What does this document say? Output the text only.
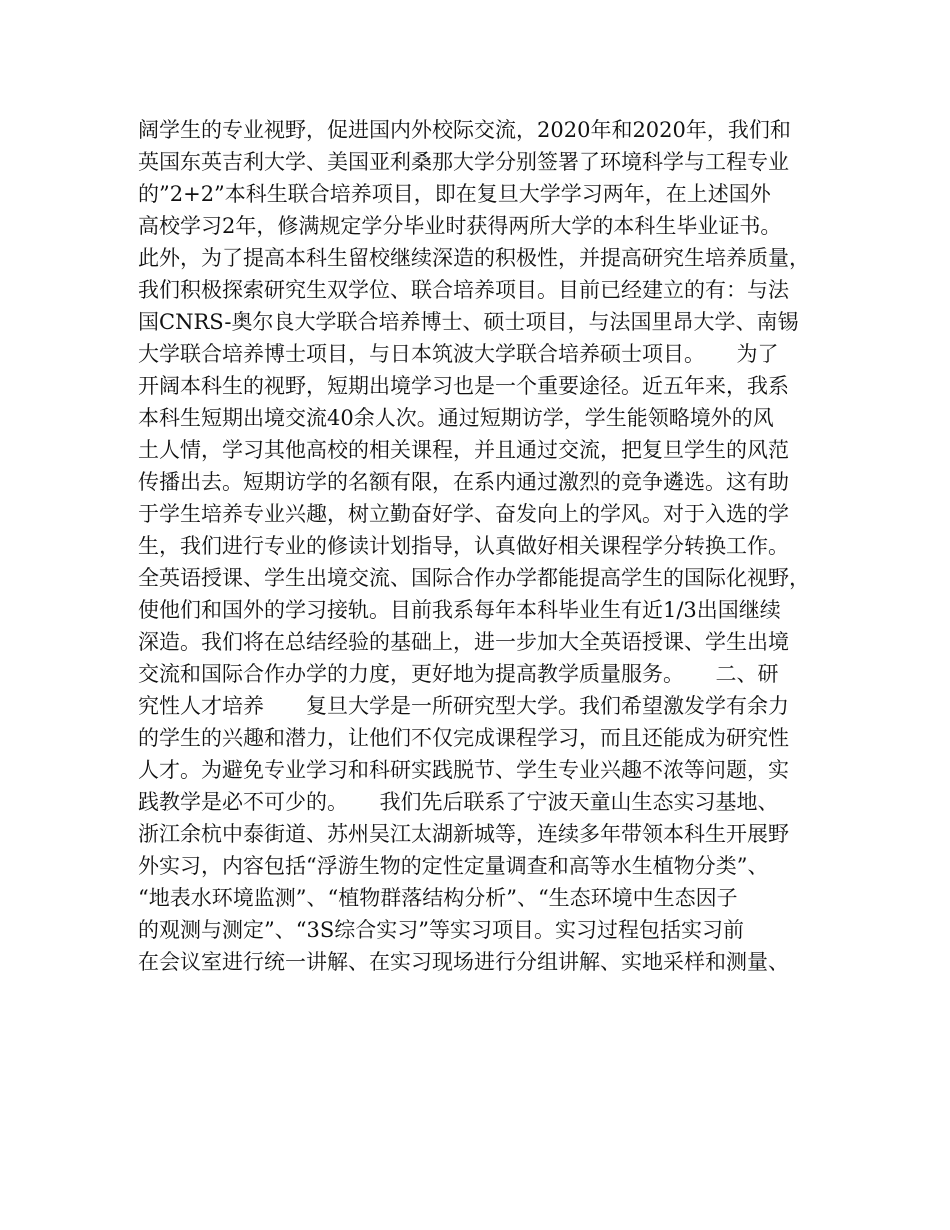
阔学生的专业视野，促进国内外校际交流，2020年和2020年，我们和
英国东英吉利大学、美国亚利桑那大学分别签署了环境科学与工程专业
的”2+2”本科生联合培养项目，即在复旦大学学习两年，在上述国外
高校学习2年，修满规定学分毕业时获得两所大学的本科生毕业证书。
此外，为了提高本科生留校继续深造的积极性，并提高研究生培养质量，
我们积极探索研究生双学位、联合培养项目。目前已经建立的有：与法
国CNRS-奥尔良大学联合培养博士、硕士项目，与法国里昂大学、南锡
大学联合培养博士项目，与日本筑波大学联合培养硕士项目。　　为了
开阔本科生的视野，短期出境学习也是一个重要途径。近五年来，我系
本科生短期出境交流40余人次。通过短期访学，学生能领略境外的风
土人情，学习其他高校的相关课程，并且通过交流，把复旦学生的风范
传播出去。短期访学的名额有限，在系内通过激烈的竞争遴选。这有助
于学生培养专业兴趣，树立勤奋好学、奋发向上的学风。对于入选的学
生，我们进行专业的修读计划指导，认真做好相关课程学分转换工作。
全英语授课、学生出境交流、国际合作办学都能提高学生的国际化视野，
使他们和国外的学习接轨。目前我系每年本科毕业生有近1/3出国继续
深造。我们将在总结经验的基础上，进一步加大全英语授课、学生出境
交流和国际合作办学的力度，更好地为提高教学质量服务。　　二、研
究性人才培养　　复旦大学是一所研究型大学。我们希望激发学有余力
的学生的兴趣和潜力，让他们不仅完成课程学习，而且还能成为研究性
人才。为避免专业学习和科研实践脱节、学生专业兴趣不浓等问题，实
践教学是必不可少的。　　我们先后联系了宁波天童山生态实习基地、
浙江余杭中泰街道、苏州吴江太湖新城等，连续多年带领本科生开展野
外实习，内容包括“浮游生物的定性定量调查和高等水生植物分类”、
“地表水环境监测”、“植物群落结构分析”、“生态环境中生态因子
的观测与测定”、“3S综合实习”等实习项目。实习过程包括实习前
在会议室进行统一讲解、在实习现场进行分组讲解、实地采样和测量、
